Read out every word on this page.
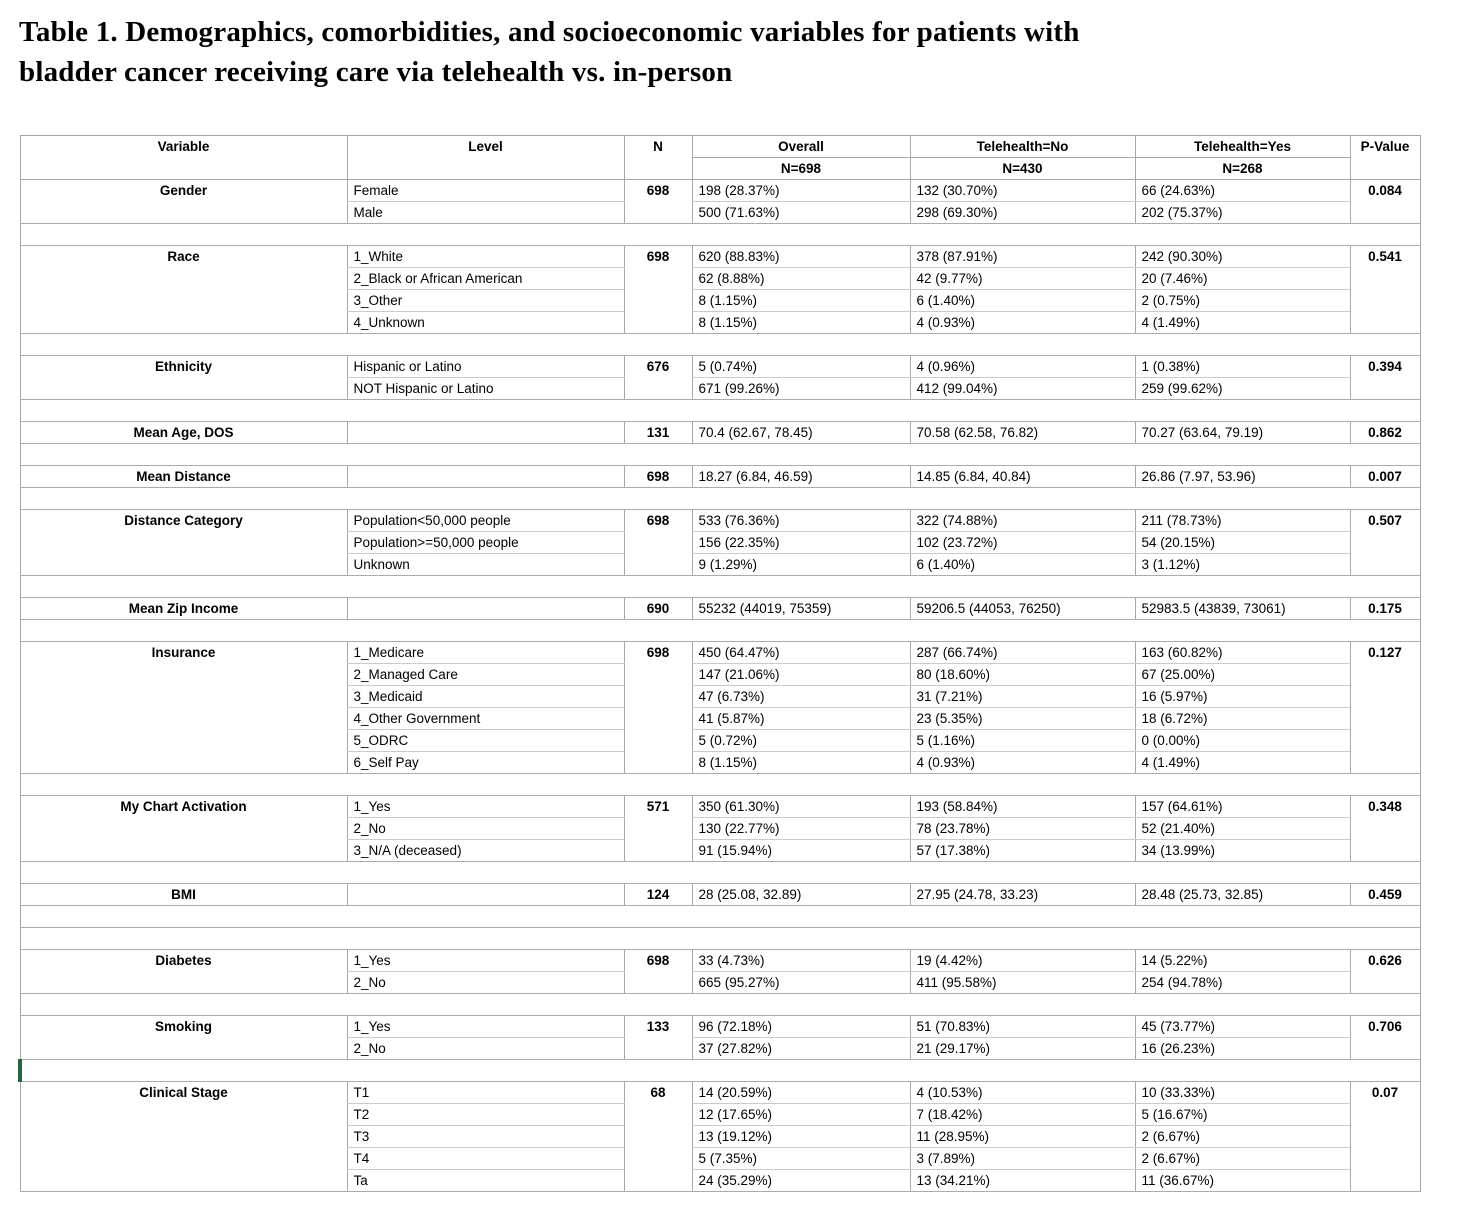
Table 1. Demographics, comorbidities, and socioeconomic variables for patients with
bladder cancer receiving care via telehealth vs. in-person
Variable	Level	N	Overall	Telehealth=No	Telehealth=Yes	P-Value
			N=698	N=430	N=268	
Gender	Female	698	198 (28.37%)	132 (30.70%)	66 (24.63%)	0.084
	Male		500 (71.63%)	298 (69.30%)	202 (75.37%)	

Race	1_White	698	620 (88.83%)	378 (87.91%)	242 (90.30%)	0.541
	2_Black or African American		62 (8.88%)	42 (9.77%)	20 (7.46%)	
	3_Other		8 (1.15%)	6 (1.40%)	2 (0.75%)	
	4_Unknown		8 (1.15%)	4 (0.93%)	4 (1.49%)	

Ethnicity	Hispanic or Latino	676	5 (0.74%)	4 (0.96%)	1 (0.38%)	0.394
	NOT Hispanic or Latino		671 (99.26%)	412 (99.04%)	259 (99.62%)	

Mean Age, DOS		131	70.4 (62.67, 78.45)	70.58 (62.58, 76.82)	70.27 (63.64, 79.19)	0.862

Mean Distance		698	18.27 (6.84, 46.59)	14.85 (6.84, 40.84)	26.86 (7.97, 53.96)	0.007

Distance Category	Population<50,000 people	698	533 (76.36%)	322 (74.88%)	211 (78.73%)	0.507
	Population>=50,000 people		156 (22.35%)	102 (23.72%)	54 (20.15%)	
	Unknown		9 (1.29%)	6 (1.40%)	3 (1.12%)	

Mean Zip Income		690	55232 (44019, 75359)	59206.5 (44053, 76250)	52983.5 (43839, 73061)	0.175

Insurance	1_Medicare	698	450 (64.47%)	287 (66.74%)	163 (60.82%)	0.127
	2_Managed Care		147 (21.06%)	80 (18.60%)	67 (25.00%)	
	3_Medicaid		47 (6.73%)	31 (7.21%)	16 (5.97%)	
	4_Other Government		41 (5.87%)	23 (5.35%)	18 (6.72%)	
	5_ODRC		5 (0.72%)	5 (1.16%)	0 (0.00%)	
	6_Self Pay		8 (1.15%)	4 (0.93%)	4 (1.49%)	

My Chart Activation	1_Yes	571	350 (61.30%)	193 (58.84%)	157 (64.61%)	0.348
	2_No		130 (22.77%)	78 (23.78%)	52 (21.40%)	
	3_N/A (deceased)		91 (15.94%)	57 (17.38%)	34 (13.99%)	

BMI		124	28 (25.08, 32.89)	27.95 (24.78, 33.23)	28.48 (25.73, 32.85)	0.459

Diabetes	1_Yes	698	33 (4.73%)	19 (4.42%)	14 (5.22%)	0.626
	2_No		665 (95.27%)	411 (95.58%)	254 (94.78%)	

Smoking	1_Yes	133	96 (72.18%)	51 (70.83%)	45 (73.77%)	0.706
	2_No		37 (27.82%)	21 (29.17%)	16 (26.23%)	

Clinical Stage	T1	68	14 (20.59%)	4 (10.53%)	10 (33.33%)	0.07
	T2		12 (17.65%)	7 (18.42%)	5 (16.67%)	
	T3		13 (19.12%)	11 (28.95%)	2 (6.67%)	
	T4		5 (7.35%)	3 (7.89%)	2 (6.67%)	
	Ta		24 (35.29%)	13 (34.21%)	11 (36.67%)	
